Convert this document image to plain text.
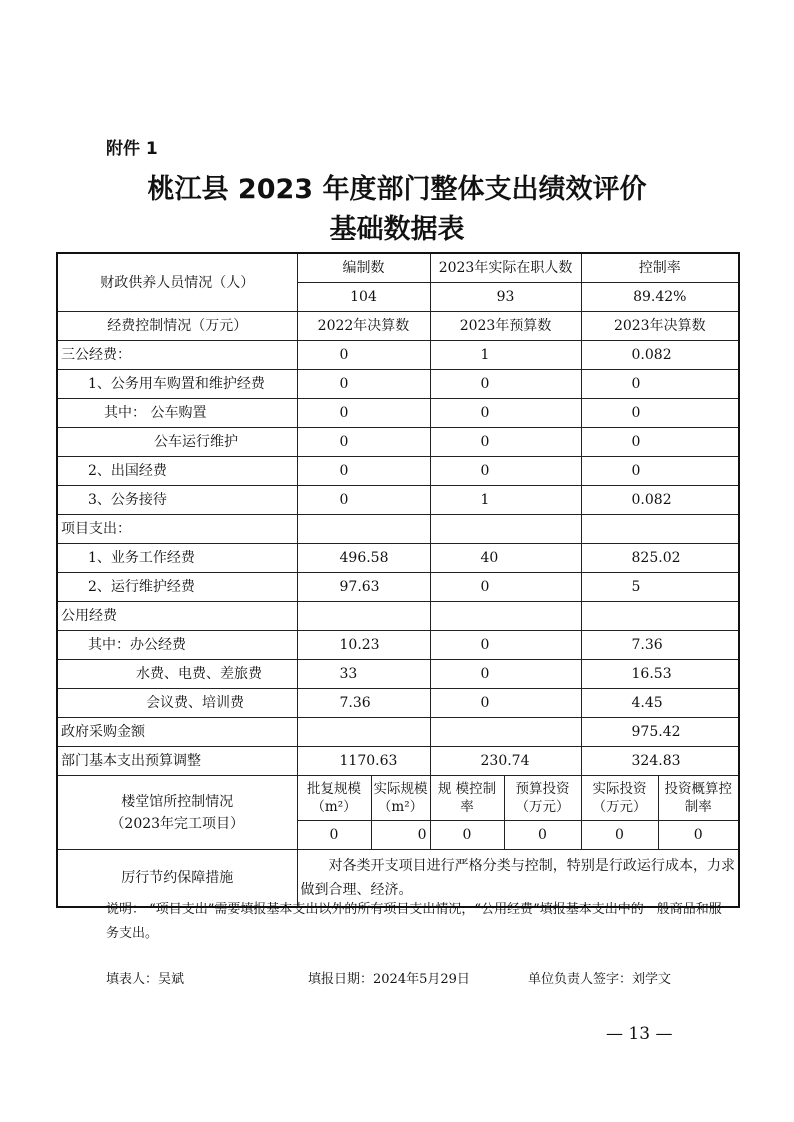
附件 1
桃江县 2023 年度部门整体支出绩效评价
基础数据表
财政供养人员情况（人）	编制数		2023年实际在职人数		控制率	
	104		93		89.42%	
经费控制情况（万元）	2022年决算数		2023年预算数		2023年决算数	
三公经费：	0		1		0.082	
1、公务用车购置和维护经费	0		0		0	
其中： 公车购置	0		0		0	
公车运行维护	0		0		0	
2、出国经费	0		0		0	
3、公务接待	0		1		0.082	
项目支出：						
1、业务工作经费	496.58		40		825.02	
2、运行维护经费	97.63		0		5	
公用经费						
其中：办公经费	10.23		0		7.36	
水费、电费、差旅费	33		0		16.53	
会议费、培训费	7.36		0		4.45	
政府采购金额					975.42	
部门基本支出预算调整	1170.63		230.74		324.83	

楼堂馆所控制情况
（2023年完工项目）	批复规模（m²）	实际规模（m²）	规 模控制率	预算投资（万元）	实际投资（万元）	投资概算控制率
	0	0	0	0	0	0
厉行节约保障措施	对各类开支项目进行严格分类与控制，特别是行政运行成本，力求做到合理、经济。					
说明： “项目支出”需要填报基本支出以外的所有项目支出情况，“公用经费”填报基本支出中的一般商品和服务支出。
填表人：吴斌	填报日期：2024年5月29日	单位负责人签字：刘学文
— 13 —
